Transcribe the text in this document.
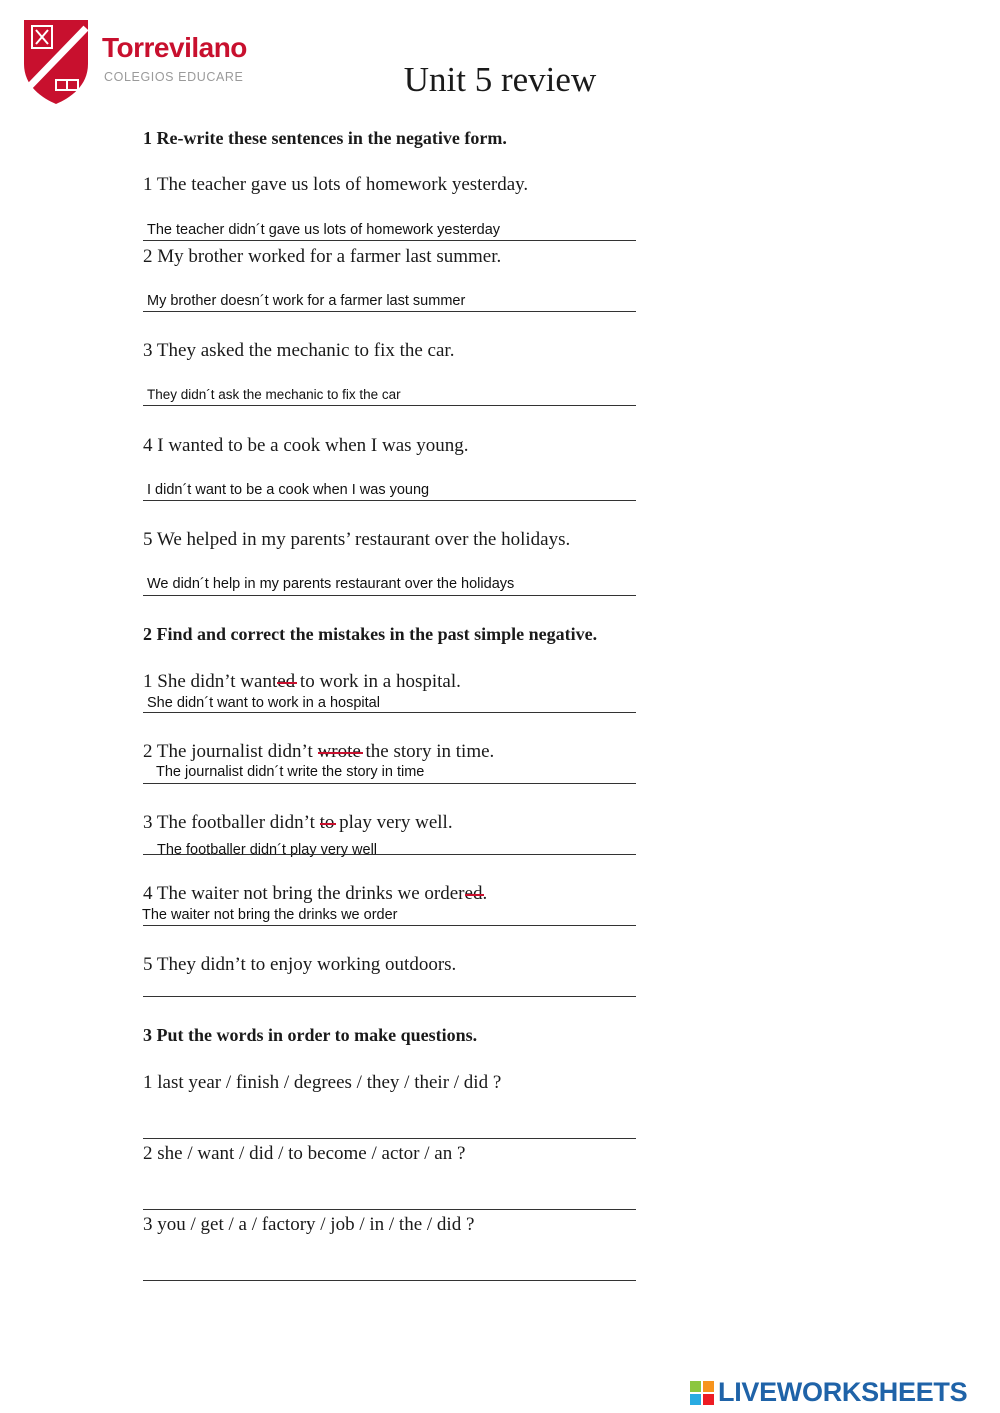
Torrevilano
COLEGIOS EDUCARE	Unit 5 review
1 Re-write these sentences in the negative form.
1 The teacher gave us lots of homework yesterday.
The teacher didn´t gave us lots of homework yesterday
2 My brother worked for a farmer last summer.
My brother doesn´t work for a farmer last summer
3 They asked the mechanic to fix the car.
They didn´t ask the mechanic to fix the car
4 I wanted to be a cook when I was young.
I didn´t want to be a cook when I was young
5 We helped in my parents’ restaurant over the holidays.
We didn´t help in my parents restaurant over the holidays
2 Find and correct the mistakes in the past simple negative.
1 She didn’t wanted to work in a hospital.
She didn´t want to work in a hospital
2 The journalist didn’t wrote the story in time.
The journalist didn´t write the story in time
3 The footballer didn’t to play very well.
The footballer didn´t play very well
4 The waiter not bring the drinks we ordered.
The waiter not bring the drinks we order
5 They didn’t to enjoy working outdoors.
3 Put the words in order to make questions.
1 last year / finish / degrees / they / their / did ?
2 she / want / did / to become / actor / an ?
3 you / get / a / factory / job / in / the / did ?
LIVEWORKSHEETS
